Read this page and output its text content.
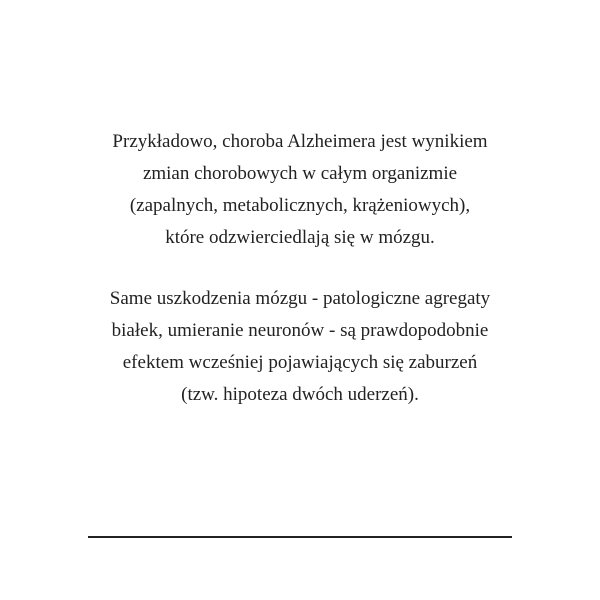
Przykładowo, choroba Alzheimera jest wynikiem
zmian chorobowych w całym organizmie
(zapalnych, metabolicznych, krążeniowych),
które odzwierciedlają się w mózgu.
Same uszkodzenia mózgu - patologiczne agregaty
białek, umieranie neuronów - są prawdopodobnie
efektem wcześniej pojawiających się zaburzeń
(tzw. hipoteza dwóch uderzeń).
